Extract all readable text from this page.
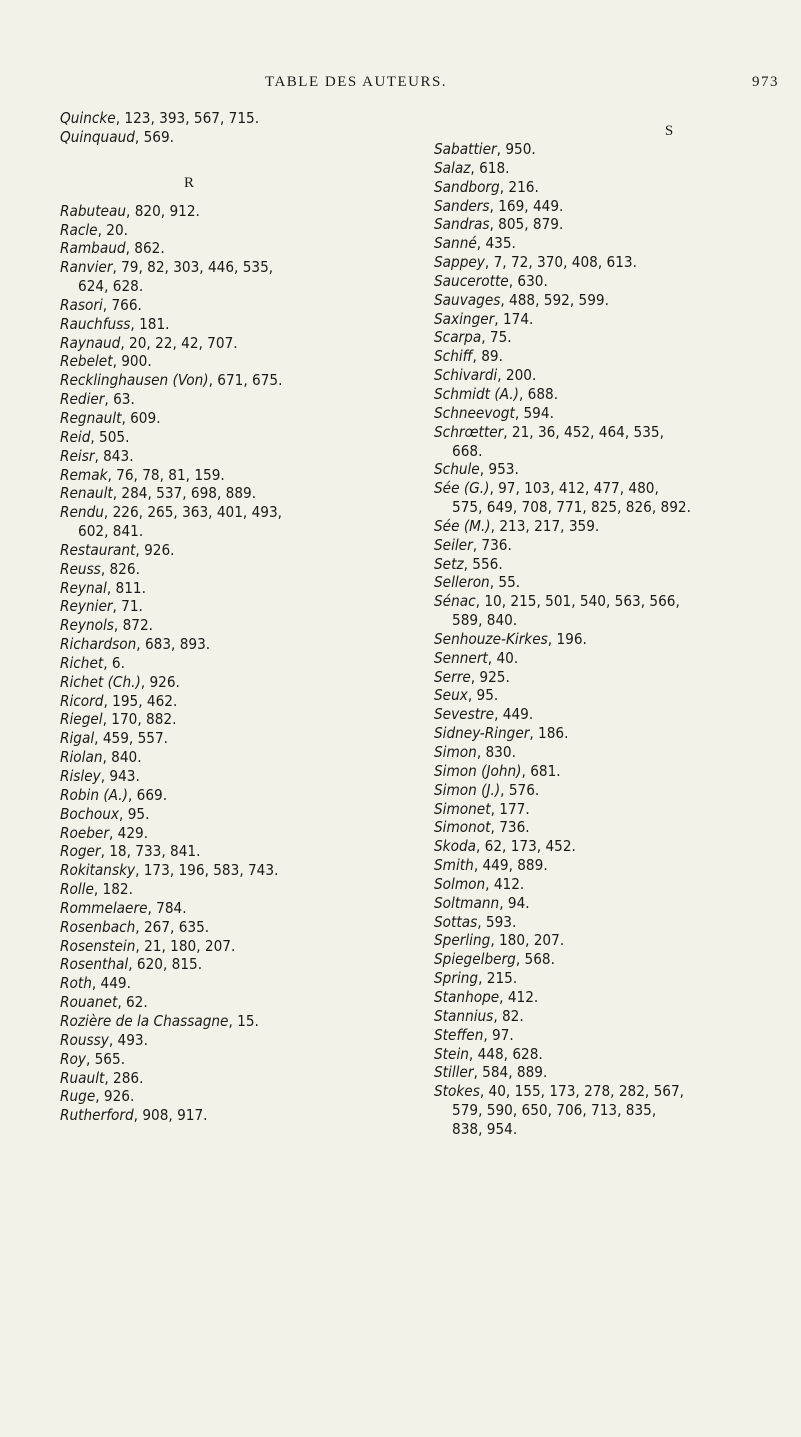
TABLE DES AUTEURS.	973
S
Quincke, 123, 393, 567, 715.
Quinquaud, 569.
R
Rabuteau, 820, 912.
Racle, 20.
Rambaud, 862.
Ranvier, 79, 82, 303, 446, 535,
624, 628.
Rasori, 766.
Rauchfuss, 181.
Raynaud, 20, 22, 42, 707.
Rebelet, 900.
Recklinghausen (Von), 671, 675.
Redier, 63.
Regnault, 609.
Reid, 505.
Reisr, 843.
Remak, 76, 78, 81, 159.
Renault, 284, 537, 698, 889.
Rendu, 226, 265, 363, 401, 493,
602, 841.
Restaurant, 926.
Reuss, 826.
Reynal, 811.
Reynier, 71.
Reynols, 872.
Richardson, 683, 893.
Richet, 6.
Richet (Ch.), 926.
Ricord, 195, 462.
Riegel, 170, 882.
Rigal, 459, 557.
Riolan, 840.
Risley, 943.
Robin (A.), 669.
Bochoux, 95.
Roeber, 429.
Roger, 18, 733, 841.
Rokitansky, 173, 196, 583, 743.
Rolle, 182.
Rommelaere, 784.
Rosenbach, 267, 635.
Rosenstein, 21, 180, 207.
Rosenthal, 620, 815.
Roth, 449.
Rouanet, 62.
Rozière de la Chassagne, 15.
Roussy, 493.
Roy, 565.
Ruault, 286.
Ruge, 926.
Rutherford, 908, 917.
Sabattier, 950.
Salaz, 618.
Sandborg, 216.
Sanders, 169, 449.
Sandras, 805, 879.
Sanné, 435.
Sappey, 7, 72, 370, 408, 613.
Saucerotte, 630.
Sauvages, 488, 592, 599.
Saxinger, 174.
Scarpa, 75.
Schiff, 89.
Schivardi, 200.
Schmidt (A.), 688.
Schneevogt, 594.
Schrœtter, 21, 36, 452, 464, 535,
668.
Schule, 953.
Sée (G.), 97, 103, 412, 477, 480,
575, 649, 708, 771, 825, 826, 892.
Sée (M.), 213, 217, 359.
Seiler, 736.
Setz, 556.
Selleron, 55.
Sénac, 10, 215, 501, 540, 563, 566,
589, 840.
Senhouze-Kirkes, 196.
Sennert, 40.
Serre, 925.
Seux, 95.
Sevestre, 449.
Sidney-Ringer, 186.
Simon, 830.
Simon (John), 681.
Simon (J.), 576.
Simonet, 177.
Simonot, 736.
Skoda, 62, 173, 452.
Smith, 449, 889.
Solmon, 412.
Soltmann, 94.
Sottas, 593.
Sperling, 180, 207.
Spiegelberg, 568.
Spring, 215.
Stanhope, 412.
Stannius, 82.
Steffen, 97.
Stein, 448, 628.
Stiller, 584, 889.
Stokes, 40, 155, 173, 278, 282, 567,
579, 590, 650, 706, 713, 835,
838, 954.
